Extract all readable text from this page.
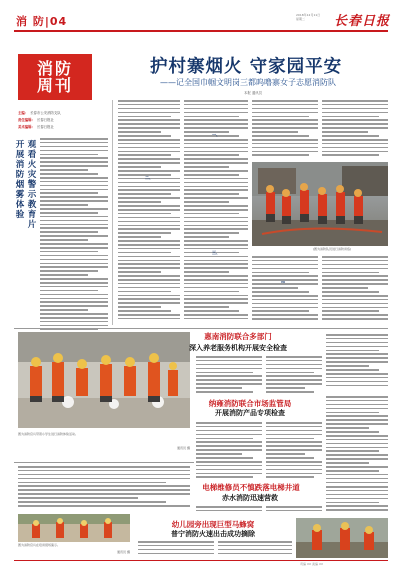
消 防|04	2018年12月11日
星期二	长春日报
消防
周刊
主编： 长春市公安消防支队
责任编辑： 长春日报社
美术编辑： 长春日报社
护村寨烟火 守家园平安
——记全国巾帼文明岗三都呜噜寨女子志愿消防队
本报 通讯员
开展消防烟雾体验
观看火灾警示教育片
一、
二、
三、
(图为消防队员进行消防训练)
图为消防官兵带领小学生进行消防体验活动。
通讯员 摄
惠南消防联合多部门
深入养老服务机构开展安全检查
纳雍消防联合市场监管局
开展消防产品专项检查
电梯维修员不慎跌落电梯井道
赤水消防迅速营救
幼儿园旁出现巨型马蜂窝
普宁消防火速出击成功摘除
图为消防官兵在培训现场演示。
通讯员 摄
责编 XX 美编 XX
